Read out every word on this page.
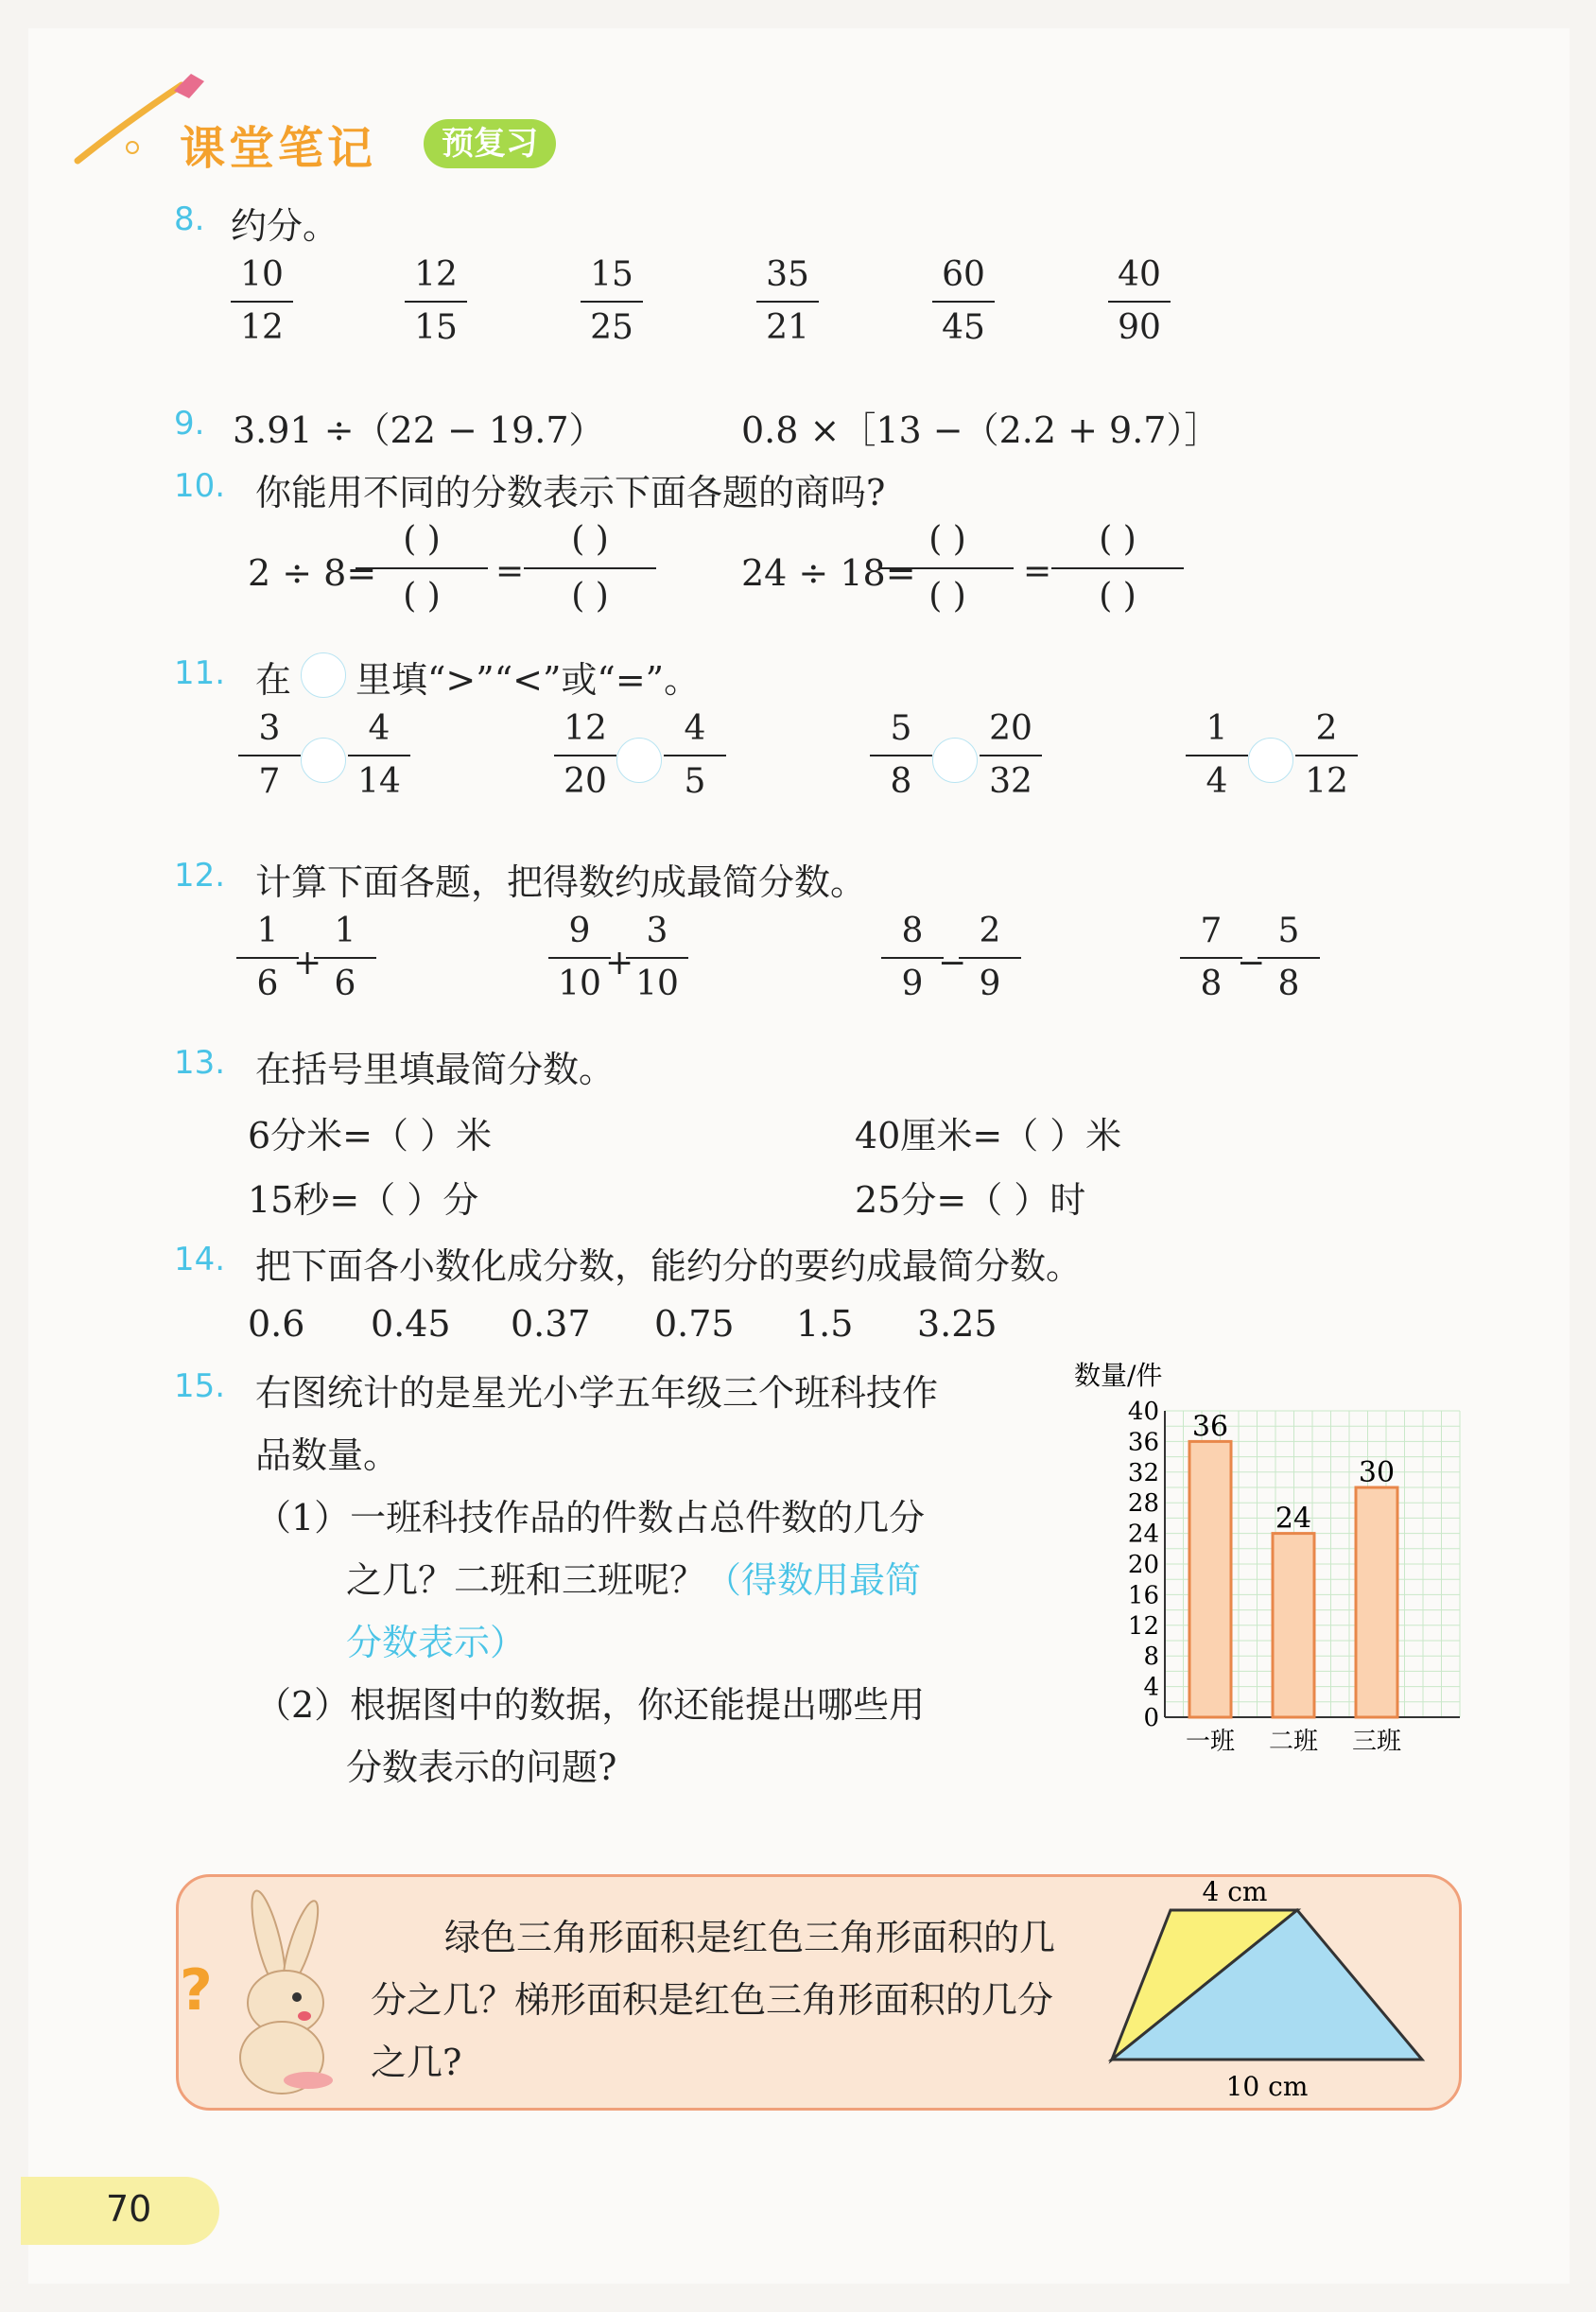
课堂笔记	预复习
8. 约分。
9. 3.91 ÷（22 − 19.7）	0.8 ×［13 −（2.2 + 9.7）］
10. 你能用不同的分数表示下面各题的商吗?
2 ÷ 8=
( )
( )
=
( )
( )
24 ÷ 18=
( )
( )
=
( )
( )
11. 在 里填“>”“<”或“=”。
12. 计算下面各题，把得数约成最简分数。
13. 在括号里填最简分数。
6分米=（ ）米	40厘米=（ ）米
15秒=（ ）分	25分=（ ）时
14. 把下面各小数化成分数，能约分的要约成最简分数。
0.6 0.45 0.37 0.75 1.5 3.25
15. 右图统计的是星光小学五年级三个班科技作
品数量。
（1）一班科技作品的件数占总件数的几分
之几？二班和三班呢？（得数用最简
分数表示）
（2）根据图中的数据，你还能提出哪些用
分数表示的问题?
数量/件
40
36
32
28
24
20
16
12
8
4
0
36
24
30
一班 二班 三班
?
绿色三角形面积是红色三角形面积的几
分之几？梯形面积是红色三角形面积的几分
之几?
4 cm
10 cm
70
10
12
12
15
15
25
35
21
60
45
40
90
3
7
4
14
12
20
4
5
5
8
20
32
1
4
2
12
1
6
+
1
6
9
10
+
3
10
8
9
−
2
9
7
8
−
5
8
